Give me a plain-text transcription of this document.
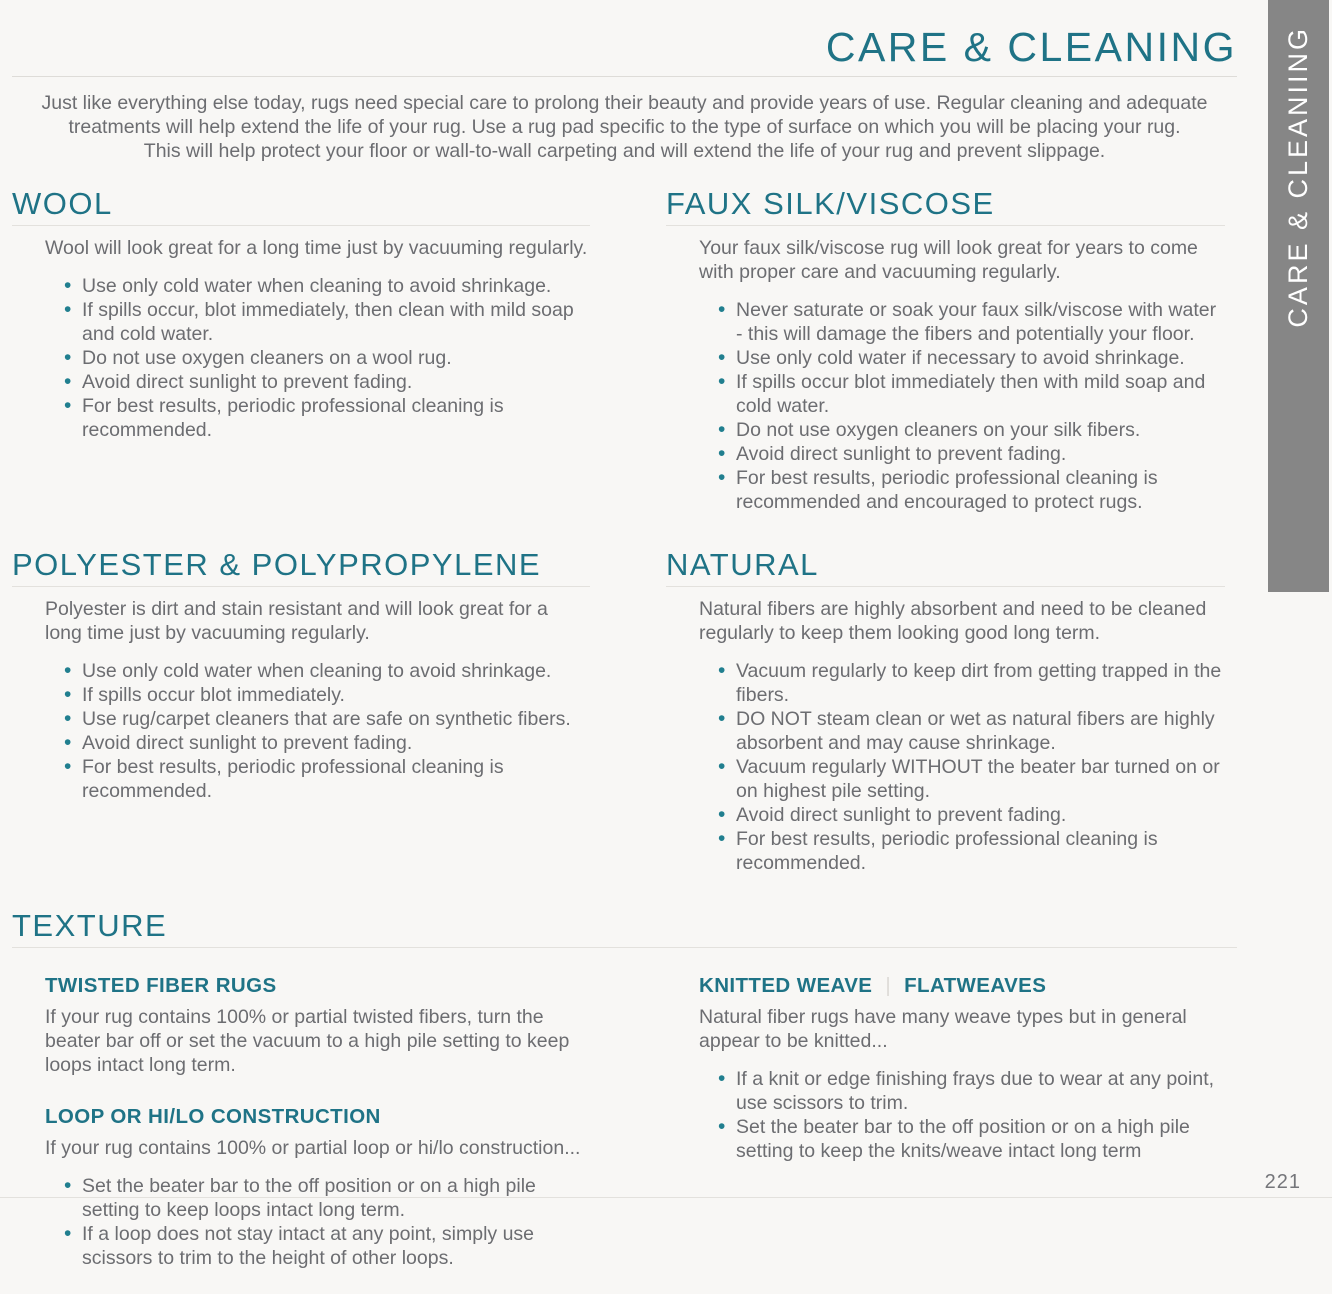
CARE & CLEANING
Just like everything else today, rugs need special care to prolong their beauty and provide years of use. Regular cleaning and adequate
treatments will help extend the life of your rug. Use a rug pad specific to the type of surface on which you will be placing your rug.
This will help protect your floor or wall-to-wall carpeting and will extend the life of your rug and prevent slippage.
WOOL

Wool will look great for a long time just by vacuuming regularly.

• Use only cold water when cleaning to avoid shrinkage.
• If spills occur, blot immediately, then clean with mild soap and cold water.
• Do not use oxygen cleaners on a wool rug.
• Avoid direct sunlight to prevent fading.
• For best results, periodic professional cleaning is recommended.
FAUX SILK/VISCOSE

Your faux silk/viscose rug will look great for years to come with proper care and vacuuming regularly.

• Never saturate or soak your faux silk/viscose with water - this will damage the fibers and potentially your floor.
• Use only cold water if necessary to avoid shrinkage.
• If spills occur blot immediately then with mild soap and cold water.
• Do not use oxygen cleaners on your silk fibers.
• Avoid direct sunlight to prevent fading.
• For best results, periodic professional cleaning is recommended and encouraged to protect rugs.
POLYESTER & POLYPROPYLENE

Polyester is dirt and stain resistant and will look great for a long time just by vacuuming regularly.

• Use only cold water when cleaning to avoid shrinkage.
• If spills occur blot immediately.
• Use rug/carpet cleaners that are safe on synthetic fibers.
• Avoid direct sunlight to prevent fading.
• For best results, periodic professional cleaning is recommended.
NATURAL

Natural fibers are highly absorbent and need to be cleaned regularly to keep them looking good long term.

• Vacuum regularly to keep dirt from getting trapped in the fibers.
• DO NOT steam clean or wet as natural fibers are highly absorbent and may cause shrinkage.
• Vacuum regularly WITHOUT the beater bar turned on or on highest pile setting.
• Avoid direct sunlight to prevent fading.
• For best results, periodic professional cleaning is recommended.
TEXTURE
TWISTED FIBER RUGS

If your rug contains 100% or partial twisted fibers, turn the beater bar off or set the vacuum to a high pile setting to keep loops intact long term.

LOOP OR HI/LO CONSTRUCTION

If your rug contains 100% or partial loop or hi/lo construction...

• Set the beater bar to the off position or on a high pile setting to keep loops intact long term.
• If a loop does not stay intact at any point, simply use scissors to trim to the height of other loops.
KNITTED WEAVE | FLATWEAVES

Natural fiber rugs have many weave types but in general appear to be knitted...

• If a knit or edge finishing frays due to wear at any point, use scissors to trim.
• Set the beater bar to the off position or on a high pile setting to keep the knits/weave intact long term
CARE & CLEANIING
221
